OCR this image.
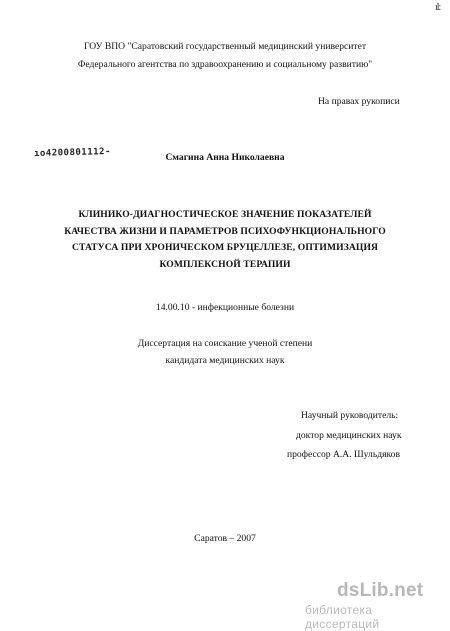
ıl:
ГОУ ВПО "Саратовский государственный медицинский университет
Федерального агентства по здравоохранению и социальному развитию"
На правах рукописи
ıo4200801112-	Смагина Анна Николаевна
КЛИНИКО-ДИАГНОСТИЧЕСКОЕ ЗНАЧЕНИЕ ПОКАЗАТЕЛЕЙ
КАЧЕСТВА ЖИЗНИ И ПАРАМЕТРОВ ПСИХОФУНКЦИОНАЛЬНОГО
СТАТУСА ПРИ ХРОНИЧЕСКОМ БРУЦЕЛЛЕЗЕ, ОПТИМИЗАЦИЯ
КОМПЛЕКСНОЙ ТЕРАПИИ
14.00.10 - инфекционные болезни
Диссертация на соискание ученой степени
кандидата медицинских наук
Научный руководитель:
доктор медицинских наук
профессор А.А. Шульдяков
Саратов – 2007
dsLib.net
библиотека диссертаций
